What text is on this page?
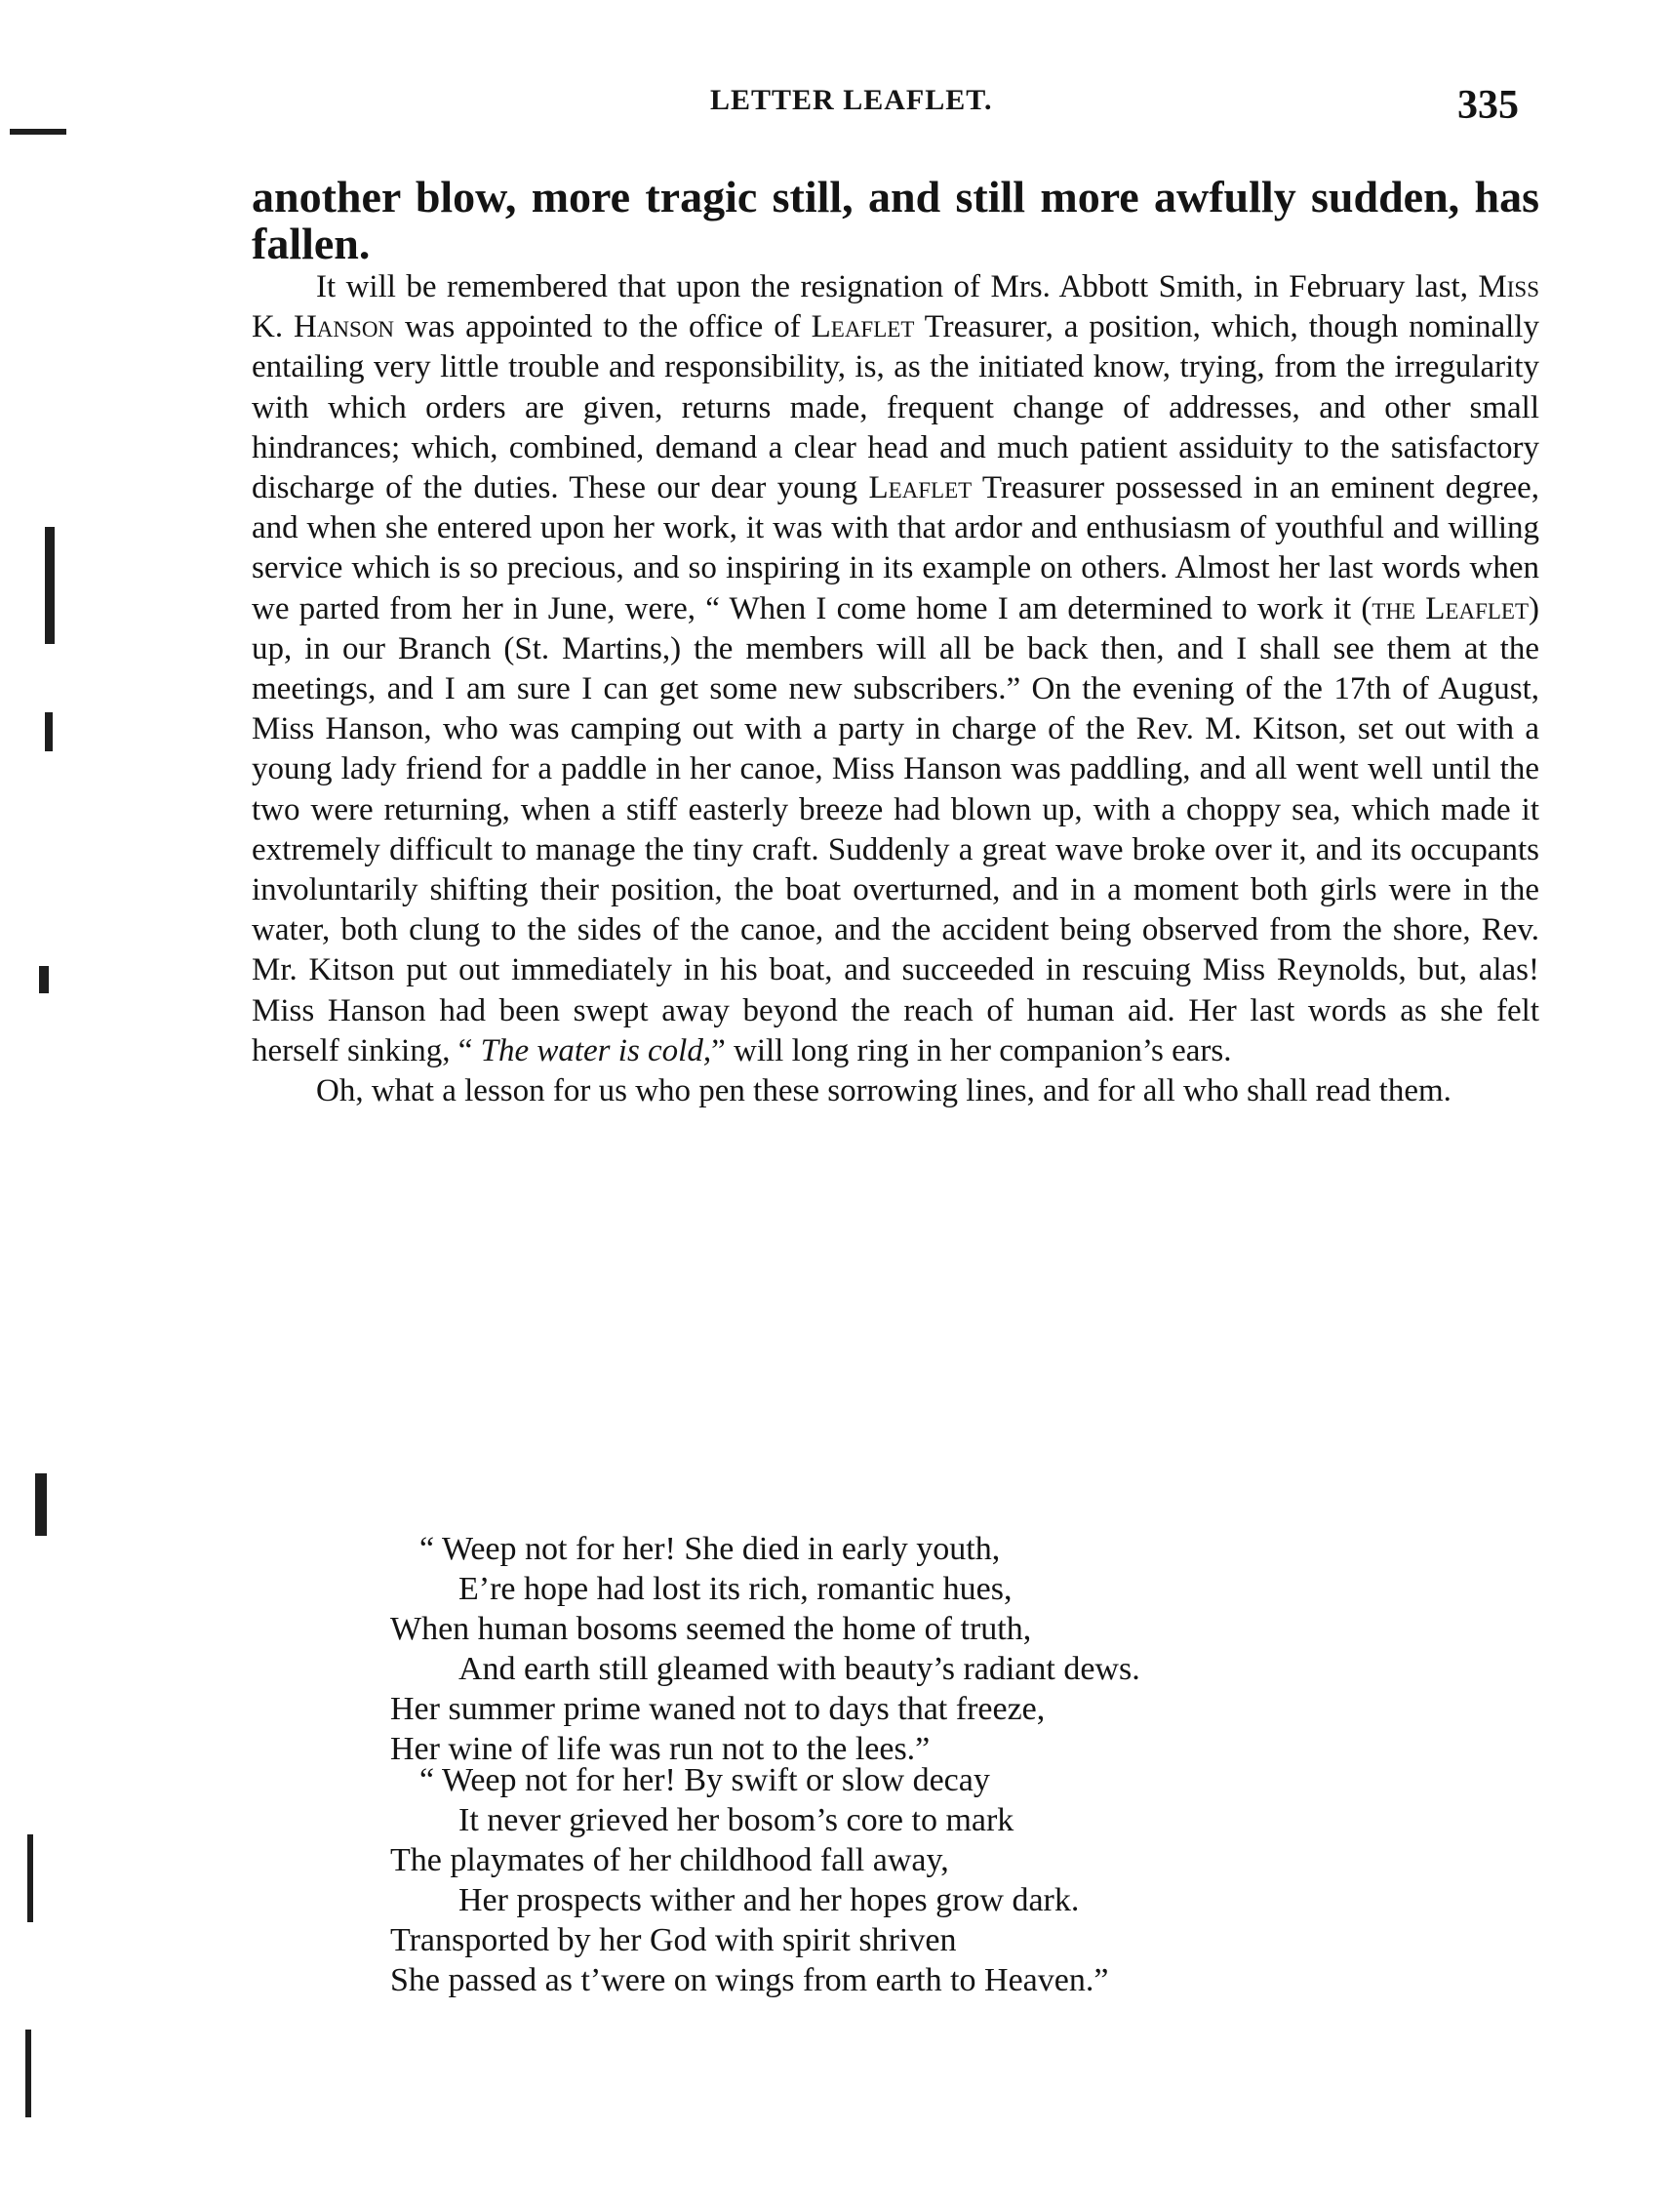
LETTER LEAFLET.	335

another blow, more tragic still, and still more awfully sudden, has fallen.

It will be remembered that upon the resignation of Mrs. Abbott Smith, in February last, Miss K. Hanson was appointed to the office of Leaflet Treasurer, a position, which, though nominally entailing very little trouble and responsibility, is, as the initiated know, trying, from the irregularity with which orders are given, returns made, frequent change of addresses, and other small hindrances; which, combined, demand a clear head and much patient assiduity to the satisfactory discharge of the duties. These our dear young Leaflet Treasurer possessed in an eminent degree, and when she entered upon her work, it was with that ardor and enthusiasm of youthful and willing service which is so precious, and so inspiring in its example on others. Almost her last words when we parted from her in June, were, “ When I come home I am determined to work it (the Leaflet) up, in our Branch (St. Martins,) the members will all be back then, and I shall see them at the meetings, and I am sure I can get some new subscribers.” On the evening of the 17th of August, Miss Hanson, who was camping out with a party in charge of the Rev. M. Kitson, set out with a young lady friend for a paddle in her canoe, Miss Hanson was paddling, and all went well until the two were returning, when a stiff easterly breeze had blown up, with a choppy sea, which made it extremely difficult to manage the tiny craft. Suddenly a great wave broke over it, and its occupants involuntarily shifting their position, the boat overturned, and in a moment both girls were in the water, both clung to the sides of the canoe, and the accident being observed from the shore, Rev. Mr. Kitson put out immediately in his boat, and succeeded in rescuing Miss Reynolds, but, alas! Miss Hanson had been swept away beyond the reach of human aid. Her last words as she felt herself sinking, “ The water is cold,” will long ring in her companion’s ears.

Oh, what a lesson for us who pen these sorrowing lines, and for all who shall read them.

“ Weep not for her! She died in early youth,
E’re hope had lost its rich, romantic hues,
When human bosoms seemed the home of truth,
And earth still gleamed with beauty’s radiant dews.
Her summer prime waned not to days that freeze,
Her wine of life was run not to the lees.”
“ Weep not for her! By swift or slow decay
It never grieved her bosom’s core to mark
The playmates of her childhood fall away,
Her prospects wither and her hopes grow dark.
Transported by her God with spirit shriven
She passed as t’were on wings from earth to Heaven.”
